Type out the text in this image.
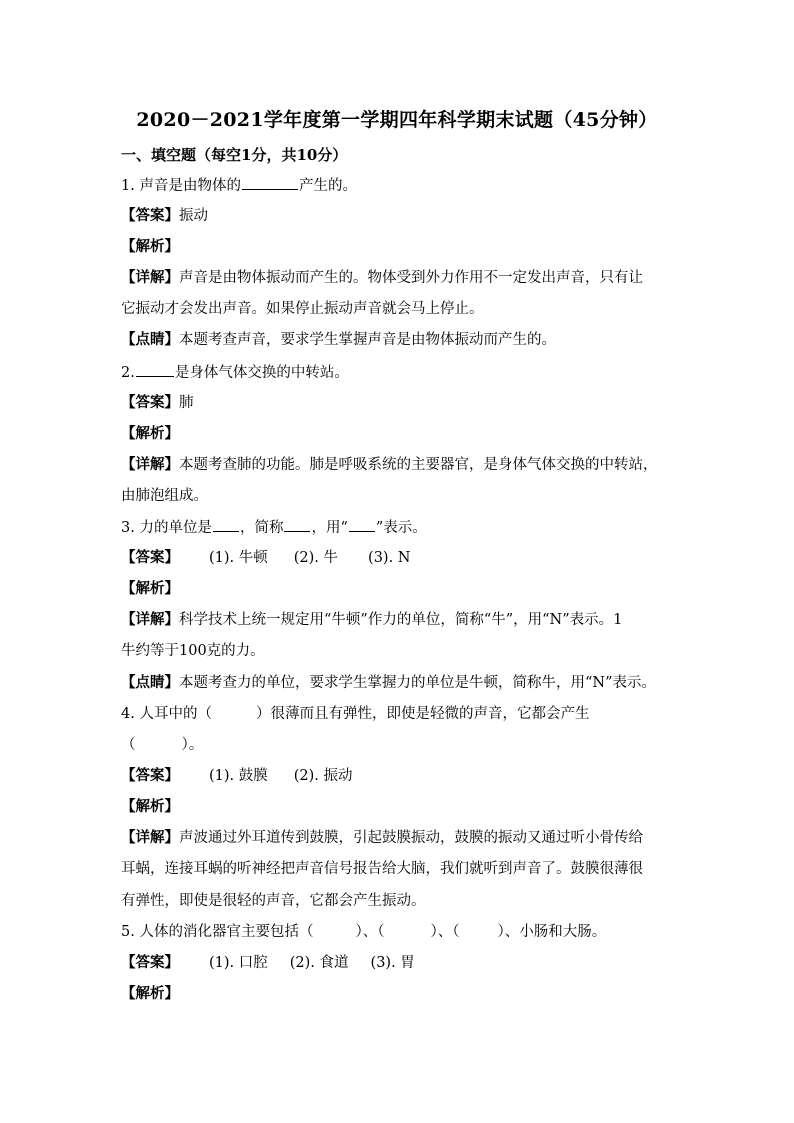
2020－2021学年度第一学期四年科学期末试题（45分钟）
一、填空题（每空1分，共10分）
1. 声音是由物体的	产生的。
【答案】振动
【解析】
【详解】声音是由物体振动而产生的。物体受到外力作用不一定发出声音，只有让
它振动才会发出声音。如果停止振动声音就会马上停止。
【点睛】本题考查声音，要求学生掌握声音是由物体振动而产生的。
2.	是身体气体交换的中转站。
【答案】肺
【解析】
【详解】本题考查肺的功能。肺是呼吸系统的主要器官，是身体气体交换的中转站，
由肺泡组成。
3. 力的单位是 ，简称 ，用“ ”表示。
【答案】 (1). 牛顿 (2). 牛 (3). N
【解析】
【详解】科学技术上统一规定用“牛顿”作力的单位，简称“牛”，用“N”表示。1
牛约等于100克的力。
【点睛】本题考查力的单位，要求学生掌握力的单位是牛顿，简称牛，用“N”表示。
4. 人耳中的（	）很薄而且有弹性，即使是轻微的声音，它都会产生
（	）。
【答案】 (1). 鼓膜 (2). 振动
【解析】
【详解】声波通过外耳道传到鼓膜，引起鼓膜振动，鼓膜的振动又通过听小骨传给
耳蜗，连接耳蜗的听神经把声音信号报告给大脑，我们就听到声音了。鼓膜很薄很
有弹性，即使是很轻的声音，它都会产生振动。
5. 人体的消化器官主要包括（	）、（	）、（	）、小肠和大肠。
【答案】 (1). 口腔 (2). 食道 (3). 胃
【解析】
